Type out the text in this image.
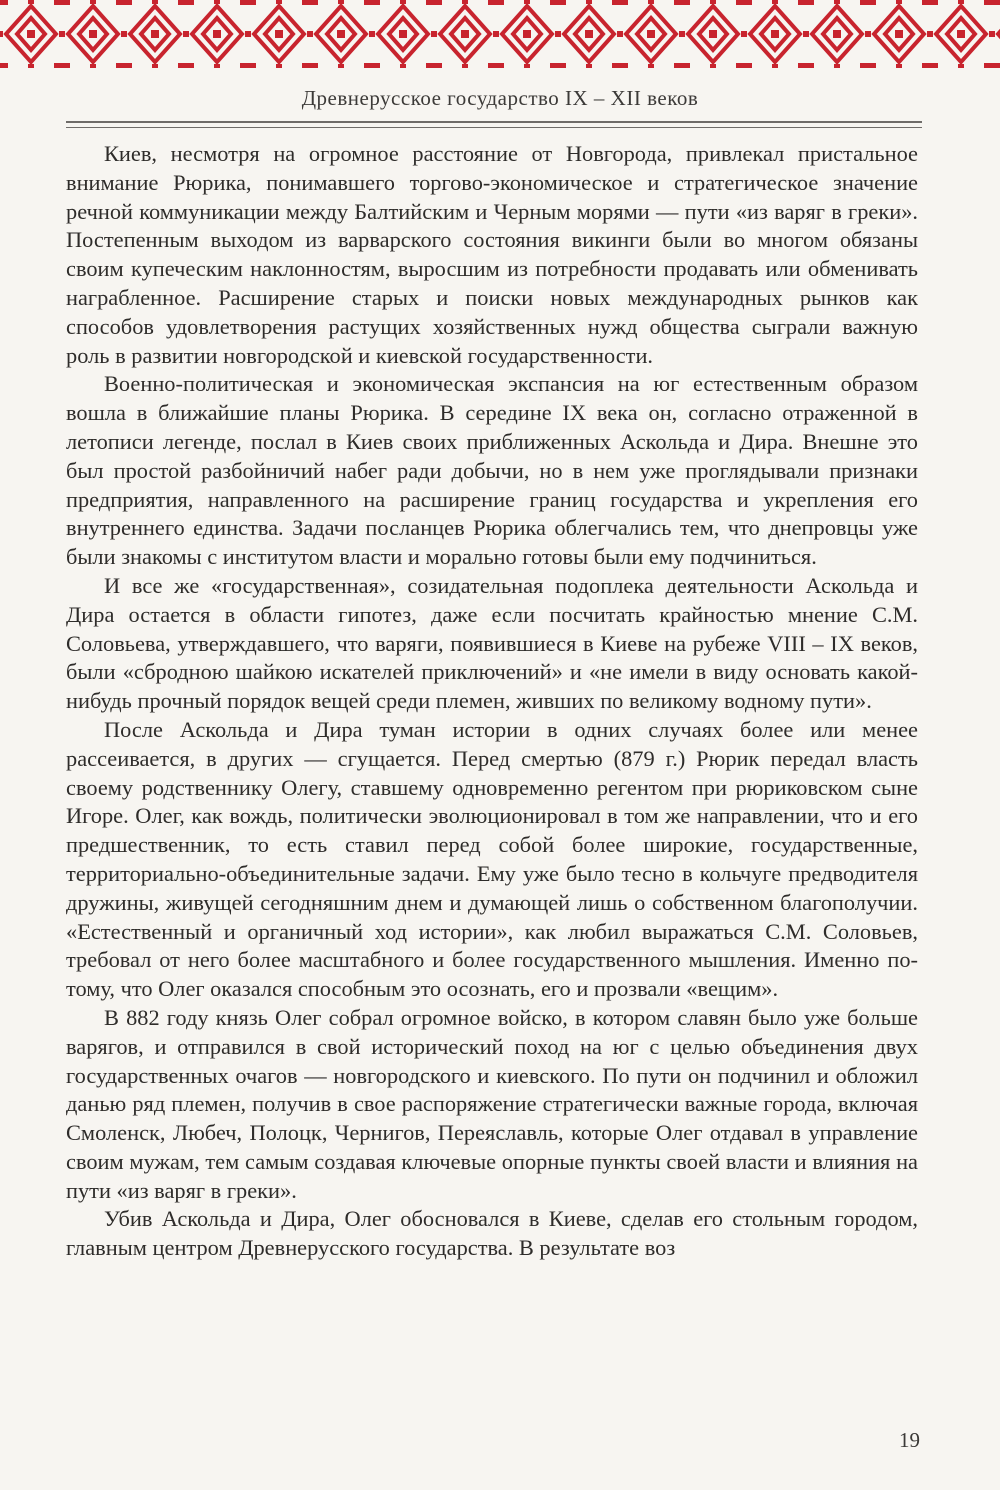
Древнерусское государство IX – XII веков

Киев, несмотря на огромное расстояние от Новгорода, привлекал пристальное внимание Рюрика, понимавшего торгово-экономическое и стратегическое значение речной коммуникации между Балтийским и Черным морями — пути «из варяг в греки». Постепенным выходом из варварского состояния викинги были во многом обязаны своим купеческим наклонностям, выросшим из потребности продавать или обменивать награбленное. Расширение старых и поиски новых международных рынков как способов удовлетворения растущих хозяйственных нужд общества сыграли важную роль в развитии новгородской и киевской государственности.

Военно-политическая и экономическая экспансия на юг естественным образом вошла в ближайшие планы Рюрика. В середине IX века он, согласно отраженной в летописи легенде, послал в Киев своих приближенных Аскольда и Дира. Внешне это был простой разбойничий набег ради добычи, но в нем уже проглядывали признаки предприятия, направленного на расширение границ государства и укрепления его внутреннего единства. Задачи посланцев Рюрика облегчались тем, что днепровцы уже были знакомы с институтом власти и морально готовы были ему подчиниться.

И все же «государственная», созидательная подоплека деятельности Аскольда и Дира остается в области гипотез, даже если посчитать крайностью мнение С.М. Соловьева, утверждавшего, что варяги, появившиеся в Киеве на рубеже VIII – IX веков, были «сбродною шайкою искателей приключений» и «не имели в виду основать какой-нибудь прочный порядок вещей среди племен, живших по великому водному пути».

После Аскольда и Дира туман истории в одних случаях более или менее рассеивается, в других — сгущается. Перед смертью (879 г.) Рюрик передал власть своему родственнику Олегу, ставшему одновременно регентом при рюриковском сыне Игоре. Олег, как вождь, политически эволюционировал в том же направлении, что и его предшественник, то есть ставил перед собой более широкие, государственные, территориально-объединительные задачи. Ему уже было тесно в кольчуге предводителя дружины, живущей сегодняшним днем и думающей лишь о собственном благополучии. «Естественный и органичный ход истории», как любил выражаться С.М. Соловьев, требовал от него более масштабного и более государственного мышления. Именно потому, что Олег оказался способным это осознать, его и прозвали «вещим».

В 882 году князь Олег собрал огромное войско, в котором славян было уже больше варягов, и отправился в свой исторический поход на юг с целью объединения двух государственных очагов — новгородского и киевского. По пути он подчинил и обложил данью ряд племен, получив в свое распоряжение стратегически важные города, включая Смоленск, Любеч, Полоцк, Чернигов, Переяславль, которые Олег отдавал в управление своим мужам, тем самым создавая ключевые опорные пункты своей власти и влияния на пути «из варяг в греки».

Убив Аскольда и Дира, Олег обосновался в Киеве, сделав его стольным городом, главным центром Древнерусского государства. В результате воз

19
